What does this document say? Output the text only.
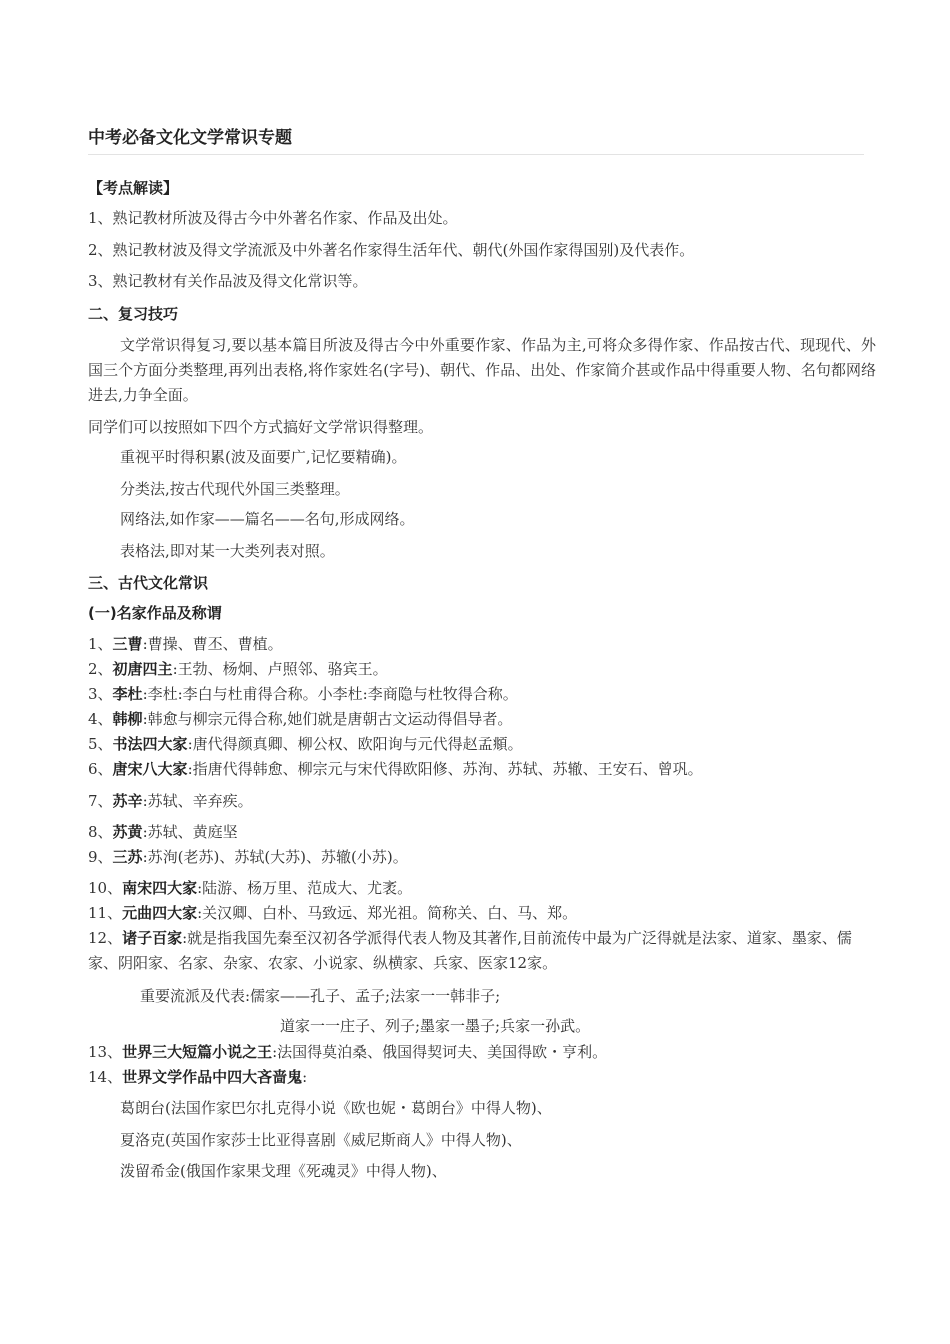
中考必备文化文学常识专题
【考点解读】
1、熟记教材所波及得古今中外著名作家、作品及出处。
2、熟记教材波及得文学流派及中外著名作家得生活年代、朝代(外国作家得国别)及代表作。
3、熟记教材有关作品波及得文化常识等。
二、复习技巧
文学常识得复习,要以基本篇目所波及得古今中外重要作家、作品为主,可将众多得作家、作品按古代、现现代、外国三个方面分类整理,再列出表格,将作家姓名(字号)、朝代、作品、出处、作家简介甚或作品中得重要人物、名句都网络进去,力争全面。
同学们可以按照如下四个方式搞好文学常识得整理。
重视平时得积累(波及面要广,记忆要精确)。
分类法,按古代现代外国三类整理。
网络法,如作家——篇名——名句,形成网络。
表格法,即对某一大类列表对照。
三、古代文化常识
(一)名家作品及称谓
1、三曹:曹操、曹丕、曹植。
2、初唐四主:王勃、杨炯、卢照邻、骆宾王。
3、李杜:李杜:李白与杜甫得合称。小李杜:李商隐与杜牧得合称。
4、韩柳:韩愈与柳宗元得合称,她们就是唐朝古文运动得倡导者。
5、书法四大家:唐代得颜真卿、柳公权、欧阳询与元代得赵孟頫。
6、唐宋八大家:指唐代得韩愈、柳宗元与宋代得欧阳修、苏洵、苏轼、苏辙、王安石、曾巩。
7、苏辛:苏轼、辛弃疾。
8、苏黄:苏轼、黄庭坚
9、三苏:苏洵(老苏)、苏轼(大苏)、苏辙(小苏)。
10、南宋四大家:陆游、杨万里、范成大、尤袤。
11、元曲四大家:关汉卿、白朴、马致远、郑光祖。简称关、白、马、郑。
12、诸子百家:就是指我国先秦至汉初各学派得代表人物及其著作,目前流传中最为广泛得就是法家、道家、墨家、儒家、阴阳家、名家、杂家、农家、小说家、纵横家、兵家、医家12家。
重要流派及代表:儒家——孔子、孟子;法家一一韩非子;
道家一一庄子、列子;墨家一墨子;兵家一孙武。
13、世界三大短篇小说之王:法国得莫泊桑、俄国得契诃夫、美国得欧・亨利。
14、世界文学作品中四大吝啬鬼:
葛朗台(法国作家巴尔扎克得小说《欧也妮・葛朗台》中得人物)、
夏洛克(英国作家莎士比亚得喜剧《威尼斯商人》中得人物)、
泼留希金(俄国作家果戈理《死魂灵》中得人物)、
